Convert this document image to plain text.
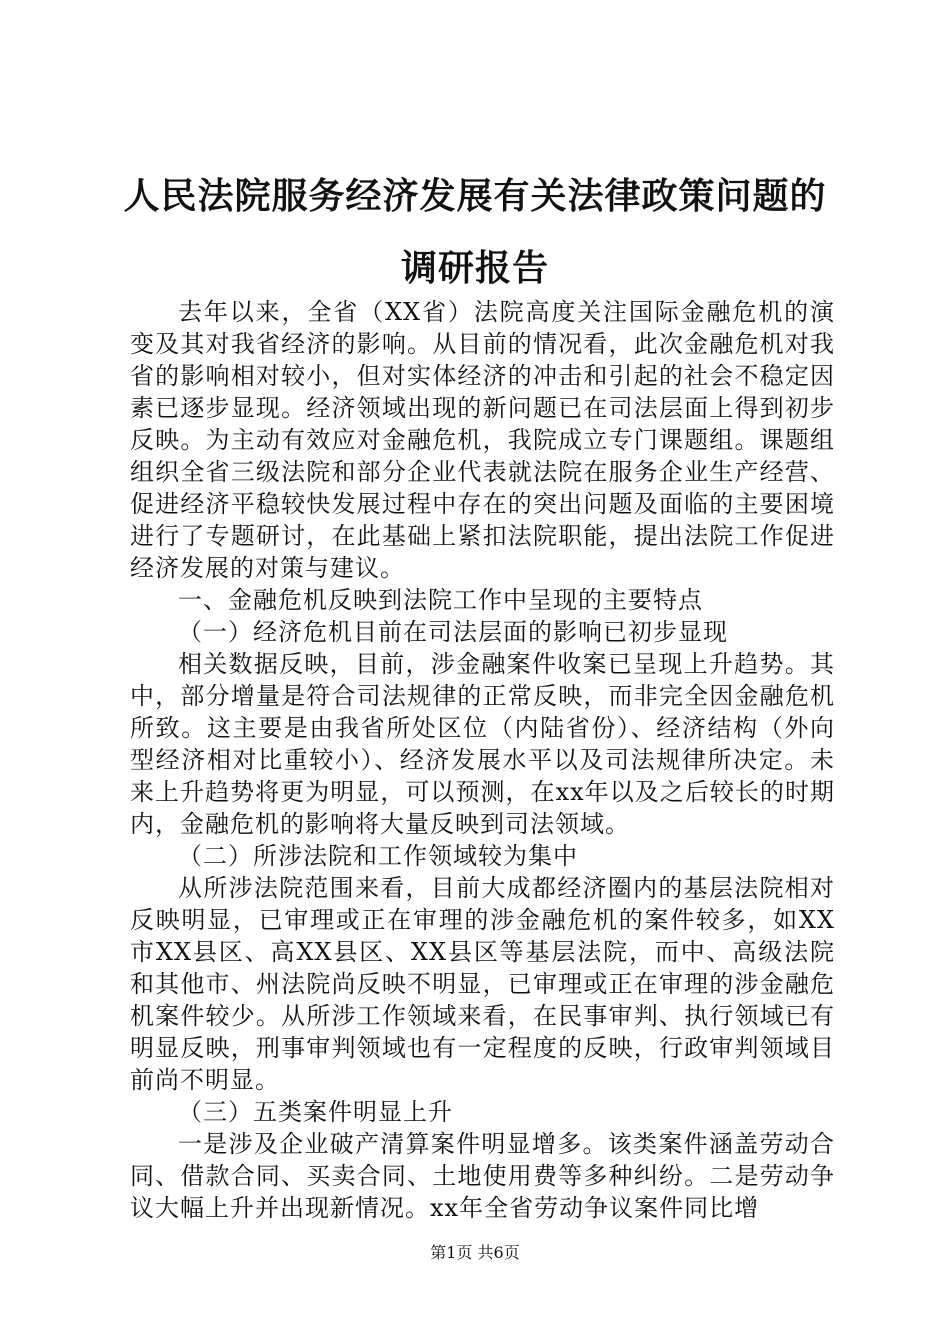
人民法院服务经济发展有关法律政策问题的调研报告

去年以来，全省（XX省）法院高度关注国际金融危机的演变及其对我省经济的影响。从目前的情况看，此次金融危机对我省的影响相对较小，但对实体经济的冲击和引起的社会不稳定因素已逐步显现。经济领域出现的新问题已在司法层面上得到初步反映。为主动有效应对金融危机，我院成立专门课题组。课题组组织全省三级法院和部分企业代表就法院在服务企业生产经营、促进经济平稳较快发展过程中存在的突出问题及面临的主要困境进行了专题研讨，在此基础上紧扣法院职能，提出法院工作促进经济发展的对策与建议。

一、金融危机反映到法院工作中呈现的主要特点

（一）经济危机目前在司法层面的影响已初步显现

相关数据反映，目前，涉金融案件收案已呈现上升趋势。其中，部分增量是符合司法规律的正常反映，而非完全因金融危机所致。这主要是由我省所处区位（内陆省份）、经济结构（外向型经济相对比重较小）、经济发展水平以及司法规律所决定。未来上升趋势将更为明显，可以预测，在xx年以及之后较长的时期内，金融危机的影响将大量反映到司法领域。

（二）所涉法院和工作领域较为集中

从所涉法院范围来看，目前大成都经济圈内的基层法院相对反映明显，已审理或正在审理的涉金融危机的案件较多，如XX市XX县区、高XX县区、XX县区等基层法院，而中、高级法院和其他市、州法院尚反映不明显，已审理或正在审理的涉金融危机案件较少。从所涉工作领域来看，在民事审判、执行领域已有明显反映，刑事审判领域也有一定程度的反映，行政审判领域目前尚不明显。

（三）五类案件明显上升

一是涉及企业破产清算案件明显增多。该类案件涵盖劳动合同、借款合同、买卖合同、土地使用费等多种纠纷。二是劳动争议大幅上升并出现新情况。xx年全省劳动争议案件同比增

第1页 共6页
